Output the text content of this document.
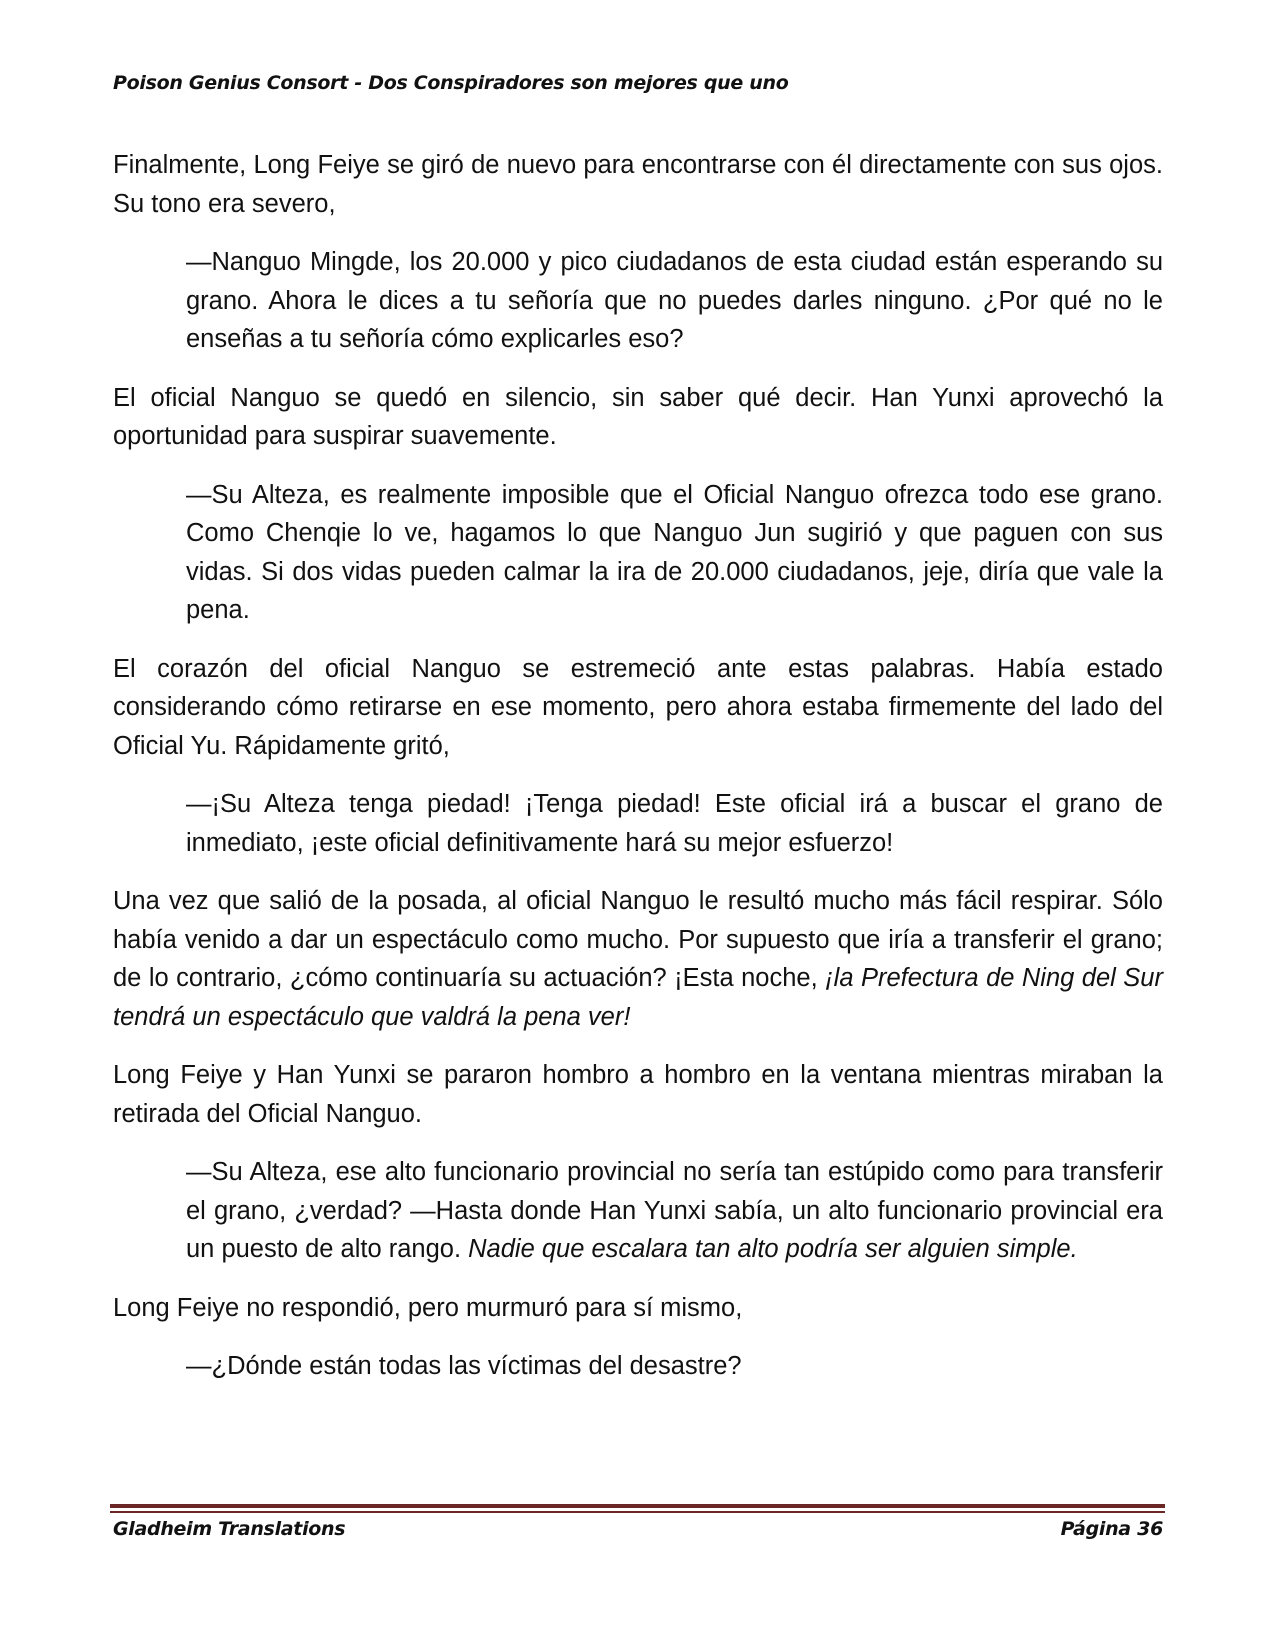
Poison Genius Consort - Dos Conspiradores son mejores que uno

Finalmente, Long Feiye se giró de nuevo para encontrarse con él directamente con sus ojos. Su tono era severo,

—Nanguo Mingde, los 20.000 y pico ciudadanos de esta ciudad están esperando su grano. Ahora le dices a tu señoría que no puedes darles ninguno. ¿Por qué no le enseñas a tu señoría cómo explicarles eso?

El oficial Nanguo se quedó en silencio, sin saber qué decir. Han Yunxi aprovechó la oportunidad para suspirar suavemente.

—Su Alteza, es realmente imposible que el Oficial Nanguo ofrezca todo ese grano. Como Chenqie lo ve, hagamos lo que Nanguo Jun sugirió y que paguen con sus vidas. Si dos vidas pueden calmar la ira de 20.000 ciudadanos, jeje, diría que vale la pena.

El corazón del oficial Nanguo se estremeció ante estas palabras. Había estado considerando cómo retirarse en ese momento, pero ahora estaba firmemente del lado del Oficial Yu. Rápidamente gritó,

—¡Su Alteza tenga piedad! ¡Tenga piedad! Este oficial irá a buscar el grano de inmediato, ¡este oficial definitivamente hará su mejor esfuerzo!

Una vez que salió de la posada, al oficial Nanguo le resultó mucho más fácil respirar. Sólo había venido a dar un espectáculo como mucho. Por supuesto que iría a transferir el grano; de lo contrario, ¿cómo continuaría su actuación? ¡Esta noche, ¡la Prefectura de Ning del Sur tendrá un espectáculo que valdrá la pena ver!

Long Feiye y Han Yunxi se pararon hombro a hombro en la ventana mientras miraban la retirada del Oficial Nanguo.

—Su Alteza, ese alto funcionario provincial no sería tan estúpido como para transferir el grano, ¿verdad? —Hasta donde Han Yunxi sabía, un alto funcionario provincial era un puesto de alto rango. Nadie que escalara tan alto podría ser alguien simple.

Long Feiye no respondió, pero murmuró para sí mismo,

—¿Dónde están todas las víctimas del desastre?

Gladheim Translations	Página 36
